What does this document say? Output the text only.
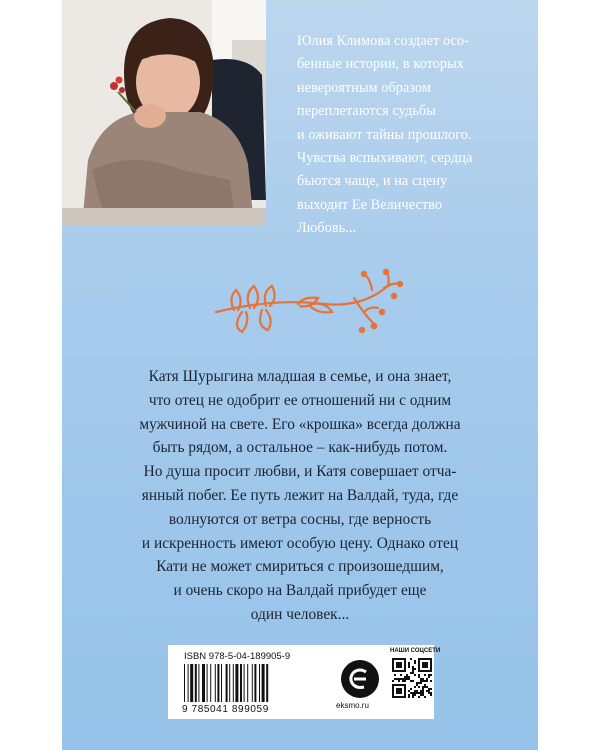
Юлия Климова создает осо-
бенные истории, в которых
невероятным образом
переплетаются судьбы
и оживают тайны прошлого.
Чувства вспыхивают, сердца
бьются чаще, и на сцену
выходит Ее Величество
Любовь...
Катя Шурыгина младшая в семье, и она знает,
что отец не одобрит ее отношений ни с одним
мужчиной на свете. Его «крошка» всегда должна
быть рядом, а остальное – как-нибудь потом.
Но душа просит любви, и Катя совершает отча-
янный побег. Ее путь лежит на Валдай, туда, где
волнуются от ветра сосны, где верность
и искренность имеют особую цену. Однако отец
Кати не может смириться с произошедшим,
и очень скоро на Валдай прибудет еще
один человек...
ISBN 978-5-04-189905-9
9 785041 899059	eksmo.ru
НАШИ СОЦСЕТИ
